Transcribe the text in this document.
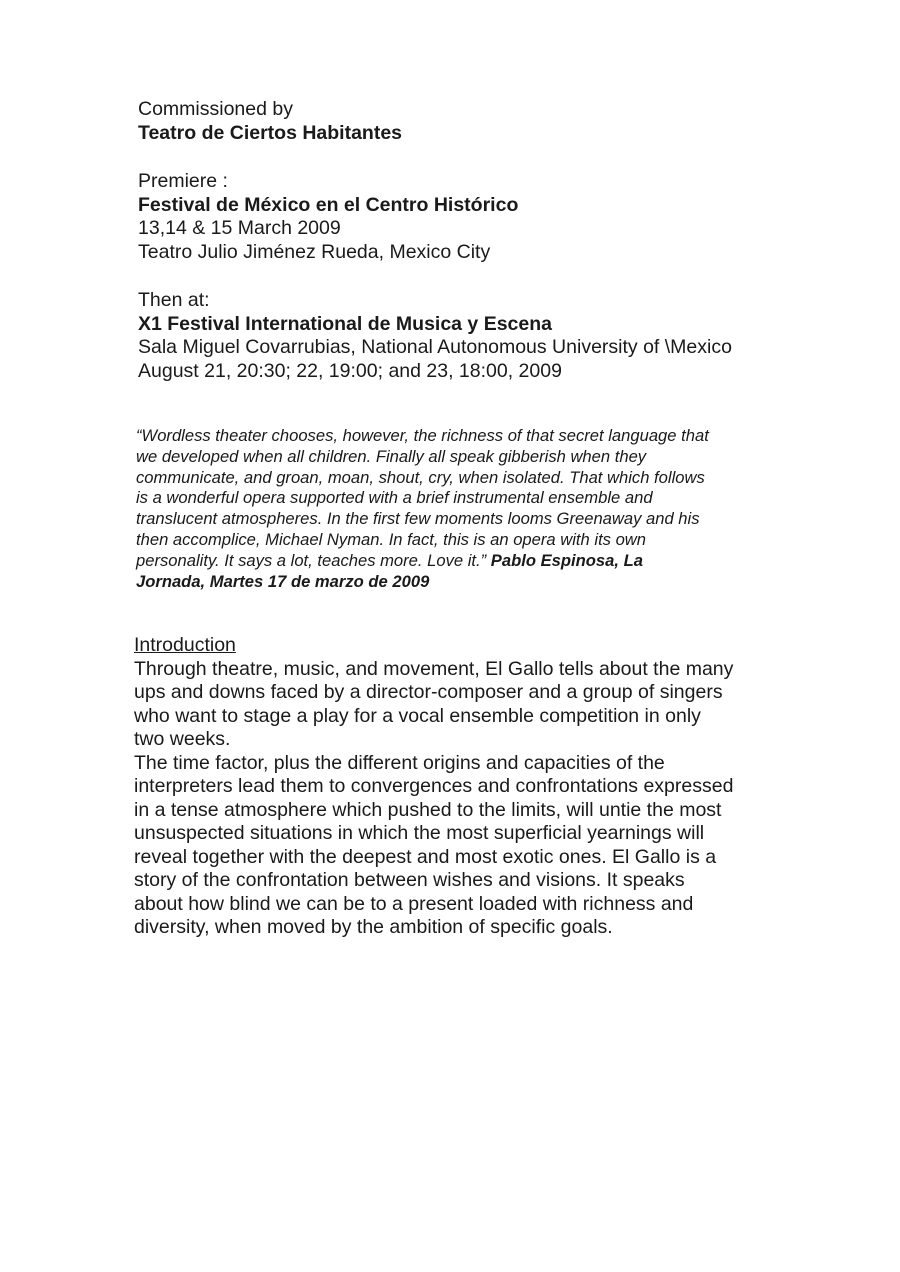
Commissioned by
Teatro de Ciertos Habitantes
Premiere :
Festival de México en el Centro Histórico
13,14 & 15 March 2009
Teatro Julio Jiménez Rueda, Mexico City
Then at:
X1 Festival International de Musica y Escena
Sala Miguel Covarrubias, National Autonomous University of \Mexico
August 21, 20:30; 22, 19:00; and 23, 18:00, 2009
“Wordless theater chooses, however, the richness of that secret language that
we developed when all children. Finally all speak gibberish when they
communicate, and groan, moan, shout, cry, when isolated. That which follows
is a wonderful opera supported with a brief instrumental ensemble and
translucent atmospheres. In the first few moments looms Greenaway and his
then accomplice, Michael Nyman. In fact, this is an opera with its own
personality. It says a lot, teaches more. Love it.” Pablo Espinosa, La
Jornada, Martes 17 de marzo de 2009
Introduction
Through theatre, music, and movement, El Gallo tells about the many
ups and downs faced by a director-composer and a group of singers
who want to stage a play for a vocal ensemble competition in only
two weeks.
The time factor, plus the different origins and capacities of the
interpreters lead them to convergences and confrontations expressed
in a tense atmosphere which pushed to the limits, will untie the most
unsuspected situations in which the most superficial yearnings will
reveal together with the deepest and most exotic ones. El Gallo is a
story of the confrontation between wishes and visions. It speaks
about how blind we can be to a present loaded with richness and
diversity, when moved by the ambition of specific goals.
